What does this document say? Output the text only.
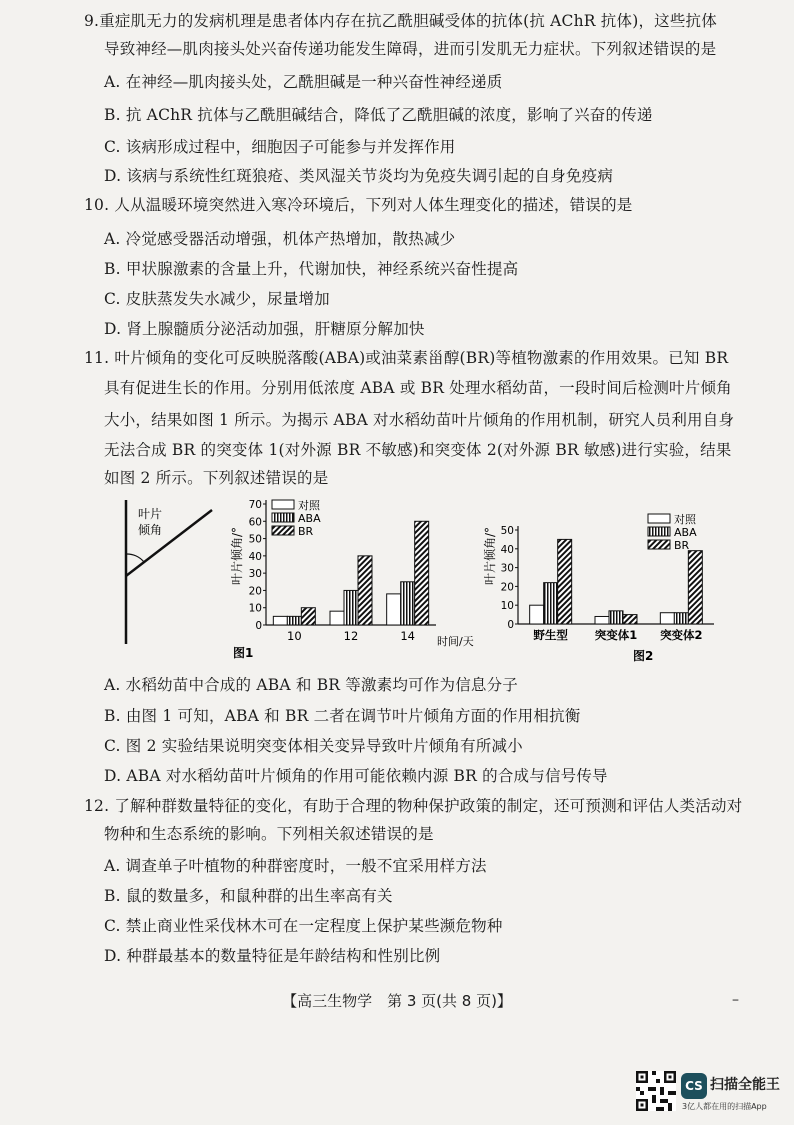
9.重症肌无力的发病机理是患者体内存在抗乙酰胆碱受体的抗体(抗 AChR 抗体)，这些抗体
导致神经—肌肉接头处兴奋传递功能发生障碍，进而引发肌无力症状。下列叙述错误的是
A. 在神经—肌肉接头处，乙酰胆碱是一种兴奋性神经递质
B. 抗 AChR 抗体与乙酰胆碱结合，降低了乙酰胆碱的浓度，影响了兴奋的传递
C. 该病形成过程中，细胞因子可能参与并发挥作用
D. 该病与系统性红斑狼疮、类风湿关节炎均为免疫失调引起的自身免疫病
10. 人从温暖环境突然进入寒冷环境后，下列对人体生理变化的描述，错误的是
A. 冷觉感受器活动增强，机体产热增加，散热减少
B. 甲状腺激素的含量上升，代谢加快，神经系统兴奋性提高
C. 皮肤蒸发失水减少，尿量增加
D. 肾上腺髓质分泌活动加强，肝糖原分解加快
11. 叶片倾角的变化可反映脱落酸(ABA)或油菜素甾醇(BR)等植物激素的作用效果。已知 BR
具有促进生长的作用。分别用低浓度 ABA 或 BR 处理水稻幼苗，一段时间后检测叶片倾角
大小，结果如图 1 所示。为揭示 ABA 对水稻幼苗叶片倾角的作用机制，研究人员利用自身
无法合成 BR 的突变体 1(对外源 BR 不敏感)和突变体 2(对外源 BR 敏感)进行实验，结果
如图 2 所示。下列叙述错误的是
叶片
倾角	叶片倾角/°
时间/天
图1
0
10
20
30
40
50
60
70
10	12	14
对照
ABA
BR	叶片倾角/°
图2
0
10
20
30
40
50
野生型 突变体1 突变体2
对照
ABA
BR
A. 水稻幼苗中合成的 ABA 和 BR 等激素均可作为信息分子
B. 由图 1 可知，ABA 和 BR 二者在调节叶片倾角方面的作用相抗衡
C. 图 2 实验结果说明突变体相关变异导致叶片倾角有所减小
D. ABA 对水稻幼苗叶片倾角的作用可能依赖内源 BR 的合成与信号传导
12. 了解种群数量特征的变化，有助于合理的物种保护政策的制定，还可预测和评估人类活动对
物种和生态系统的影响。下列相关叙述错误的是
A. 调查单子叶植物的种群密度时，一般不宜采用样方法
B. 鼠的数量多，和鼠种群的出生率高有关
C. 禁止商业性采伐林木可在一定程度上保护某些濒危物种
D. 种群最基本的数量特征是年龄结构和性别比例
【高三生物学　第 3 页(共 8 页)】	–
CS 扫描全能王
3亿人都在用的扫描App
